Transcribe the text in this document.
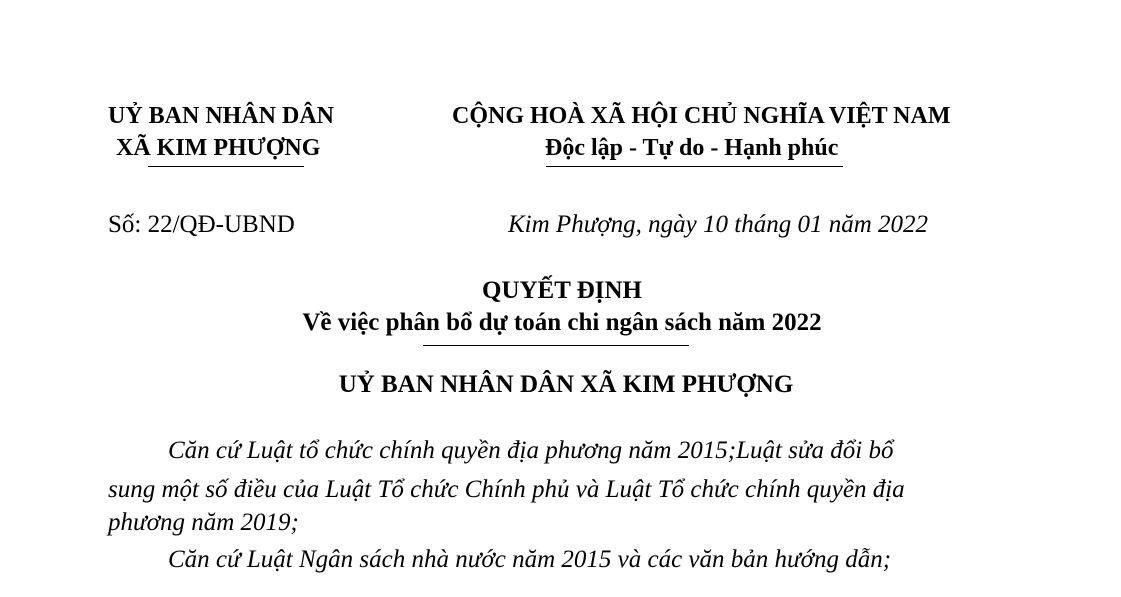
UỶ BAN NHÂN DÂN
XÃ KIM PHƯỢNG
CỘNG HOÀ XÃ HỘI CHỦ NGHĨA VIỆT NAM
Độc lập - Tự do - Hạnh phúc
Số: 22/QĐ-UBND	Kim Phượng, ngày 10 tháng 01 năm 2022
QUYẾT ĐỊNH
Về việc phân bổ dự toán chi ngân sách năm 2022
UỶ BAN NHÂN DÂN XÃ KIM PHƯỢNG
Căn cứ Luật tổ chức chính quyền địa phương năm 2015;Luật sửa đổi bổ
sung một số điều của Luật Tổ chức Chính phủ và Luật Tổ chức chính quyền địa
phương năm 2019;
Căn cứ Luật Ngân sách nhà nước năm 2015 và các văn bản hướng dẫn;
